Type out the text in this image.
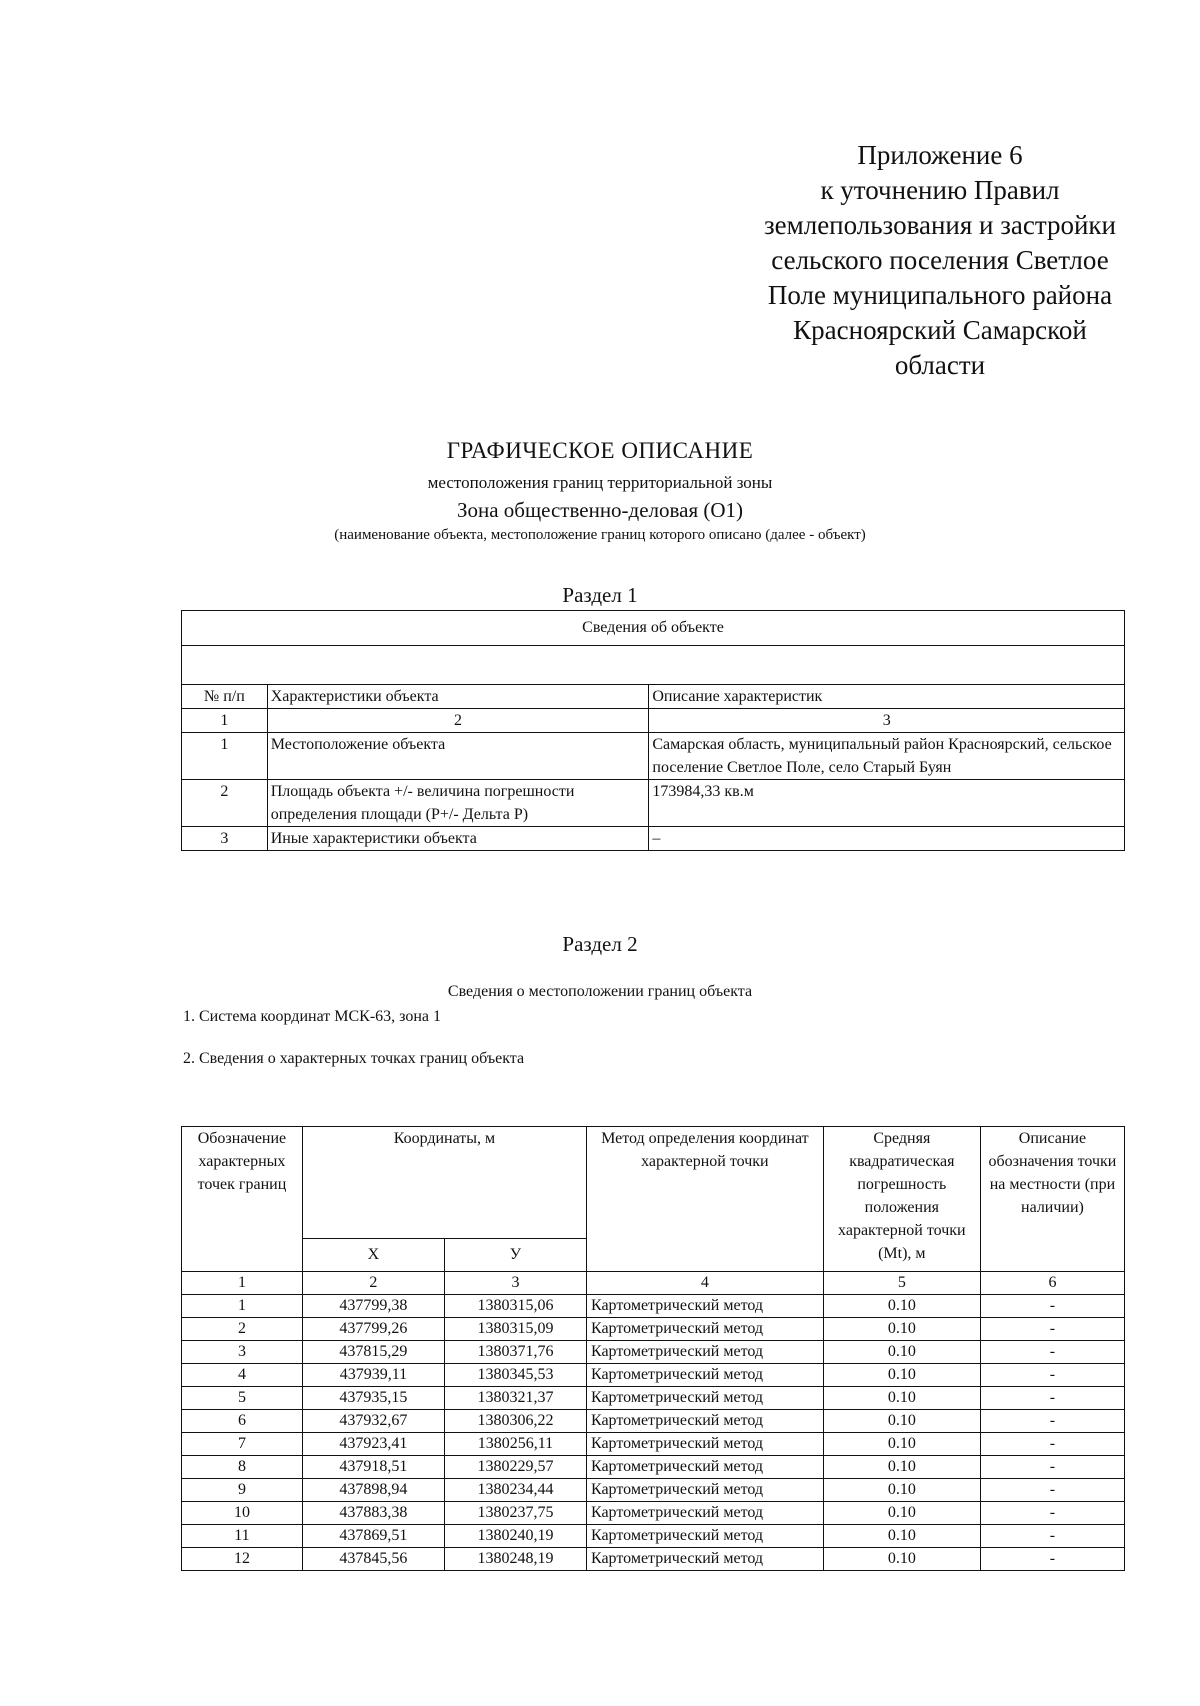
Приложение 6
к уточнению Правил
землепользования и застройки
сельского поселения Светлое
Поле муниципального района
Красноярский Самарской
области
ГРАФИЧЕСКОЕ ОПИСАНИЕ
местоположения границ территориальной зоны
Зона общественно-деловая (О1)
(наименование объекта, местоположение границ которого описано (далее - объект)
Раздел 1
Сведения об объекте		

№ п/п	Характеристики объекта	Описание характеристик
1	2	3
1	Местоположение объекта	Самарская область, муниципальный район Красноярский, сельское поселение Светлое Поле, село Старый Буян
2	Площадь объекта +/- величина погрешности определения площади (Р+/- Дельта Р)	173984,33 кв.м
3	Иные характеристики объекта	–
Раздел 2
Сведения о местоположении границ объекта
1. Система координат МСК-63, зона 1
2. Сведения о характерных точках границ объекта
Обозначение характерных точек границ	Координаты, м		Метод определения координат характерной точки	Средняя квадратическая погрешность положения характерной точки (Mt), м	Описание обозначения точки на местности (при наличии)
	Х	У			
1	2	3	4	5	6
1	437799,38	1380315,06	Картометрический метод	0.10	-
2	437799,26	1380315,09	Картометрический метод	0.10	-
3	437815,29	1380371,76	Картометрический метод	0.10	-
4	437939,11	1380345,53	Картометрический метод	0.10	-
5	437935,15	1380321,37	Картометрический метод	0.10	-
6	437932,67	1380306,22	Картометрический метод	0.10	-
7	437923,41	1380256,11	Картометрический метод	0.10	-
8	437918,51	1380229,57	Картометрический метод	0.10	-
9	437898,94	1380234,44	Картометрический метод	0.10	-
10	437883,38	1380237,75	Картометрический метод	0.10	-
11	437869,51	1380240,19	Картометрический метод	0.10	-
12	437845,56	1380248,19	Картометрический метод	0.10	-
